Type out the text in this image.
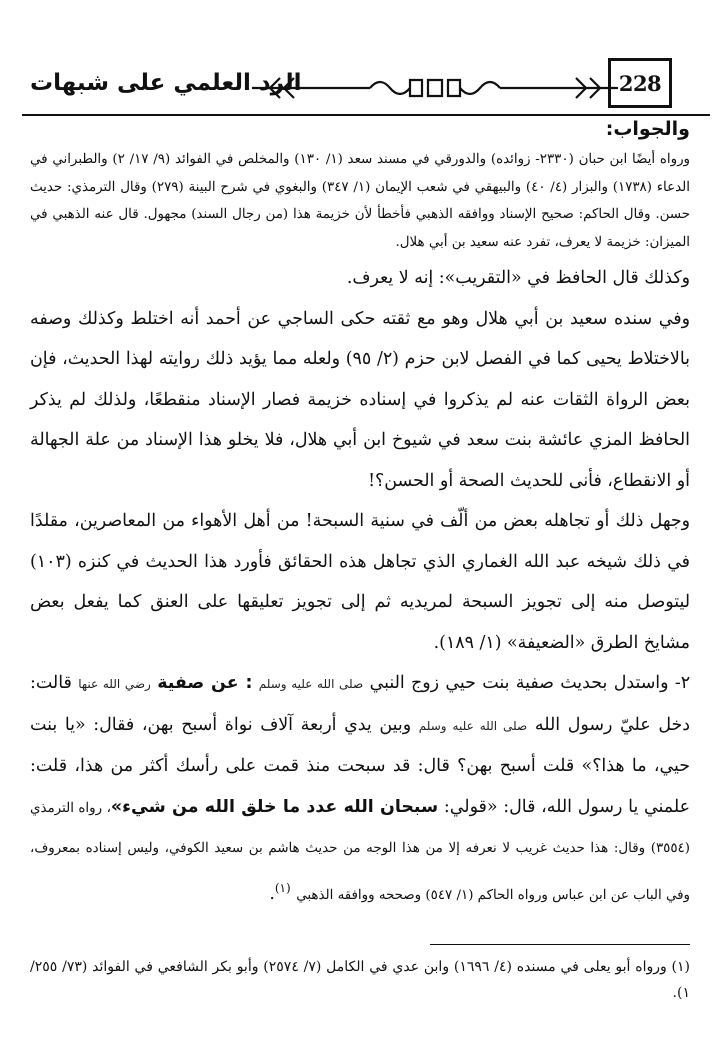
228
الرد العلمي على شبهات

والجواب:

ورواه أيضًا ابن حبان (٢٣٣٠- زوائده) والدورقي في مسند سعد (١/ ١٣٠) والمخلص في الفوائد (٩/ ١٧/ ٢) والطبراني في الدعاء (١٧٣٨) والبزار (٤/ ٤٠) والبيهقي في شعب الإيمان (١/ ٣٤٧) والبغوي في شرح البينة (٢٧٩) وقال الترمذي: حديث حسن. وقال الحاكم: صحيح الإسناد ووافقه الذهبي فأخطأ لأن خزيمة هذا (من رجال السند) مجهول. قال عنه الذهبي في الميزان: خزيمة لا يعرف، تفرد عنه سعيد بن أبي هلال.

وكذلك قال الحافظ في «التقريب»: إنه لا يعرف.

وفي سنده سعيد بن أبي هلال وهو مع ثقته حكى الساجي عن أحمد أنه اختلط وكذلك وصفه بالاختلاط يحيى كما في الفصل لابن حزم (٢/ ٩٥) ولعله مما يؤيد ذلك روايته لهذا الحديث، فإن بعض الرواة الثقات عنه لم يذكروا في إسناده خزيمة فصار الإسناد منقطعًا، ولذلك لم يذكر الحافظ المزي عائشة بنت سعد في شيوخ ابن أبي هلال، فلا يخلو هذا الإسناد من علة الجهالة أو الانقطاع، فأنى للحديث الصحة أو الحسن؟!

وجهل ذلك أو تجاهله بعض من ألّف في سنية السبحة! من أهل الأهواء من المعاصرين، مقلدًا في ذلك شيخه عبد الله الغماري الذي تجاهل هذه الحقائق فأورد هذا الحديث في كنزه (١٠٣) ليتوصل منه إلى تجويز السبحة لمريديه ثم إلى تجويز تعليقها على العنق كما يفعل بعض مشايخ الطرق «الضعيفة» (١/ ١٨٩).

٢- واستدل بحديث صفية بنت حيي زوج النبي صلى الله عليه وسلم : عن صفية رضي الله عنها قالت: دخل عليّ رسول الله صلى الله عليه وسلم وبين يدي أربعة آلاف نواة أسبح بهن، فقال: «يا بنت حيي، ما هذا؟» قلت أسبح بهن؟ قال: قد سبحت منذ قمت على رأسك أكثر من هذا، قلت: علمني يا رسول الله، قال: «قولي: سبحان الله عدد ما خلق الله من شيء»، رواه الترمذي (٣٥٥٤) وقال: هذا حديث غريب لا نعرفه إلا من هذا الوجه من حديث هاشم بن سعيد الكوفي، وليس إسناده بمعروف، وفي الباب عن ابن عباس ورواه الحاكم (١/ ٥٤٧) وصححه ووافقه الذهبي $^{(١)}$.

(١) ورواه أبو يعلى في مسنده (٤/ ١٦٩٦) وابن عدي في الكامل (٧/ ٢٥٧٤) وأبو بكر الشافعي في الفوائد (٧٣/ ٢٥٥/ ١).
